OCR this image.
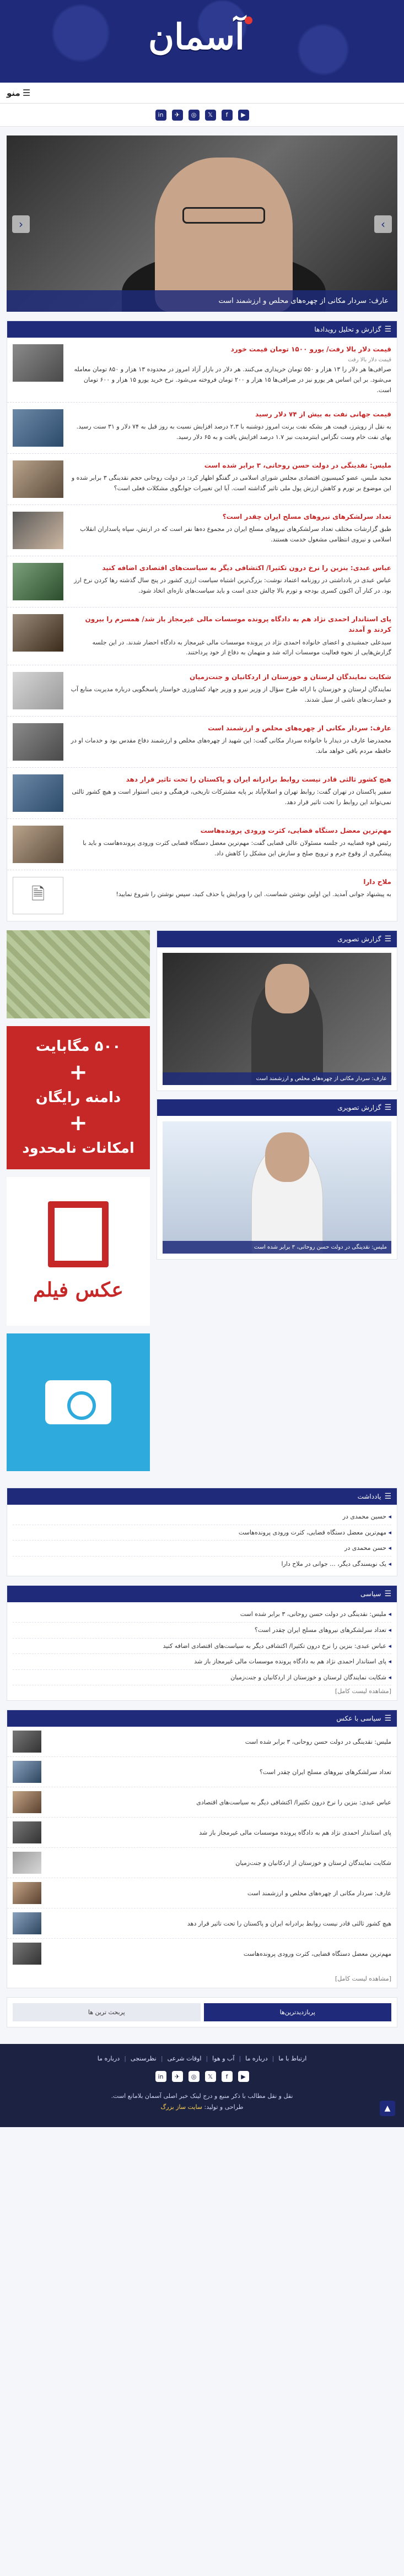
آسمان
☰
منو
▶
f
𝕏
◎
✈
in
‹	›
عارف: سردار مکانی از چهره‌های محلص و ارزشمند است
☰
گزارش و تحلیل رویدادها
قیمت دلار بالا رفت/ یورو ۱۵۰۰ تومان قیمت خورد
قیمت دلار بالا رفت
صرافی‌ها هر دلار را ۱۳ هزار و ۵۵۰ تومان خریداری می‌کنند. هر دلار در بازار آزاد امروز در محدوده ۱۳ هزار و ۸۵۰ تومان معامله می‌شود. بر این اساس هر یورو نیز در صرافی‌ها ۱۵ هزار و ۲۰۰ تومان فروخته می‌شود. نرخ خرید یورو ۱۵ هزار و ۶۰۰ تومان است.
قیمت جهانی نفت به بیش از ۷۴ دلار رسید
به نقل از رویترز، قیمت هر بشکه نفت برنت امروز دوشنبه با ۲.۳ درصد افزایش نسبت به روز قبل به ۷۴ دلار و ۳۱ سنت رسید. بهای نفت خام وست تگزاس اینترمدیت نیز ۱.۷ درصد افزایش یافت و به ۶۵ دلار رسید.
ملیس: نقدینگی در دولت حسن روحانی، ۳ برابر شده است
مجید ملیس، عضو کمیسیون اقتصادی مجلس شورای اسلامی در گفتگو اظهار کرد: در دولت روحانی حجم نقدینگی ۳ برابر شده و این موضوع بر تورم و کاهش ارزش پول ملی تاثیر گذاشته است. آیا این تغییرات جوابگوی مشکلات فعلی است؟
تعداد سرلشکرهای نیروهای مسلح ایران چقدر است؟
طبق گزارشات مختلف تعداد سرلشکرهای نیروهای مسلح ایران در مجموع ده‌ها نفر است که در ارتش، سپاه پاسداران انقلاب اسلامی و نیروی انتظامی مشغول خدمت هستند.
عباس عبدی: بنزین را نرخ درون تکثیرا/ اکتشافی دیگر به سیاست‌های اقتصادی اضافه کنید
عباس عبدی در یادداشتی در روزنامه اعتماد نوشت: بزرگ‌ترین اشتباه سیاست ارزی کشور در پنج سال گذشته رها کردن نرخ ارز بود. در کنار آن اکنون کسری بودجه و تورم بالا چالش جدی است و باید سیاست‌های تازه‌ای اتخاذ شود.
پای استاندار احمدی نژاد هم به دادگاه پرونده موسسات مالی غیرمجاز باز شد/ همسرم را بیرون کردند و آمدند
سیدعلی جمشیدی و اعضای خانواده احمدی نژاد در پرونده موسسات مالی غیرمجاز به دادگاه احضار شدند. در این جلسه گزارش‌هایی از نحوه فعالیت موسسات ارائه شد و متهمان به دفاع از خود پرداختند.
شکایت نمایندگان لرستان و خوزستان از اردکانیان و جنت‌زمیان
نمایندگان لرستان و خوزستان با ارائه طرح سؤال از وزیر نیرو و وزیر جهاد کشاورزی خواستار پاسخگویی درباره مدیریت منابع آب و خسارت‌های ناشی از سیل شدند.
عارف: سردار مکانی از چهره‌های محلص و ارزشمند است
محمدرضا عارف در دیدار با خانواده سردار مکانی گفت: این شهید از چهره‌های مخلص و ارزشمند دفاع مقدس بود و خدمات او در حافظه مردم باقی خواهد ماند.
هیچ کشور ثالثی قادر نیست روابط برادرانه ایران و پاکستان را تحت تاثیر قرار دهد
سفیر پاکستان در تهران گفت: روابط تهران و اسلام‌آباد بر پایه مشترکات تاریخی، فرهنگی و دینی استوار است و هیچ کشور ثالثی نمی‌تواند این روابط را تحت تاثیر قرار دهد.
مهم‌ترین معضل دستگاه قضایی، کثرت ورودی پرونده‌هاست
رئیس قوه قضاییه در جلسه مسئولان عالی قضایی گفت: مهم‌ترین معضل دستگاه قضایی کثرت ورودی پرونده‌هاست و باید با پیشگیری از وقوع جرم و ترویج صلح و سازش این مشکل را کاهش داد.
ملاح دارا
به پیشنهاد جوانی آمدید. این اولین نوشتن شماست. این را ویرایش یا حذف کنید، سپس نوشتن را شروع نمایید!
🗎
☰
گزارش تصویری
عارف: سردار مکانی از چهره‌های محلص و ارزشمند است
☰
گزارش تصویری
ملیس: نقدینگی در دولت حسن روحانی، ۳ برابر شده است
۵۰۰ مگابایت
+
دامنه رایگان
+
امکانات نامحدود
عکس فیلم
☰
یادداشت
◂ حسین محمدی در
◂ مهم‌ترین معضل دستگاه قضایی، کثرت ورودی پرونده‌هاست
◂ حسن محمدی در
◂ یک نویسندگی دیگر، ... جوانی در ملاح دارا
☰
سیاسی
◂ ملیس: نقدینگی در دولت حسن روحانی، ۳ برابر شده است
◂ تعداد سرلشکرهای نیروهای مسلح ایران چقدر است؟
◂ عباس عبدی: بنزین را نرخ درون تکثیرا/ اکتشافی دیگر به سیاست‌های اقتصادی اضافه کنید
◂ پای استاندار احمدی نژاد هم به دادگاه پرونده موسسات مالی غیرمجاز باز شد
◂ شکایت نمایندگان لرستان و خوزستان از اردکانیان و جنت‌زمیان
[مشاهده لیست کامل]
☰
سیاسی با عکس
ملیس: نقدینگی در دولت حسن روحانی، ۳ برابر شده است
تعداد سرلشکرهای نیروهای مسلح ایران چقدر است؟
عباس عبدی: بنزین را نرخ درون تکثیرا/ اکتشافی دیگر به سیاست‌های اقتصادی
پای استاندار احمدی نژاد هم به دادگاه پرونده موسسات مالی غیرمجاز باز شد
شکایت نمایندگان لرستان و خوزستان از اردکانیان و جنت‌زمیان
عارف: سردار مکانی از چهره‌های محلص و ارزشمند است
هیچ کشور ثالثی قادر نیست روابط برادرانه ایران و پاکستان را تحت تاثیر قرار دهد
مهم‌ترین معضل دستگاه قضایی، کثرت ورودی پرونده‌هاست
[مشاهده لیست کامل]
پربازدیدترین‌ها
پربحث ترین ها
ارتباط با ما
|
درباره ما
|
آب و هوا
|
اوقات شرعی
|
نظرسنجی
|
درباره ما
▶
f
𝕏
◎
✈
in
نقل و نقل مطالب با ذکر منبع و درج لینک خبر اصلی آسمان بلامانع است.
طراحی و تولید: سایت ساز بزرگ	▲
